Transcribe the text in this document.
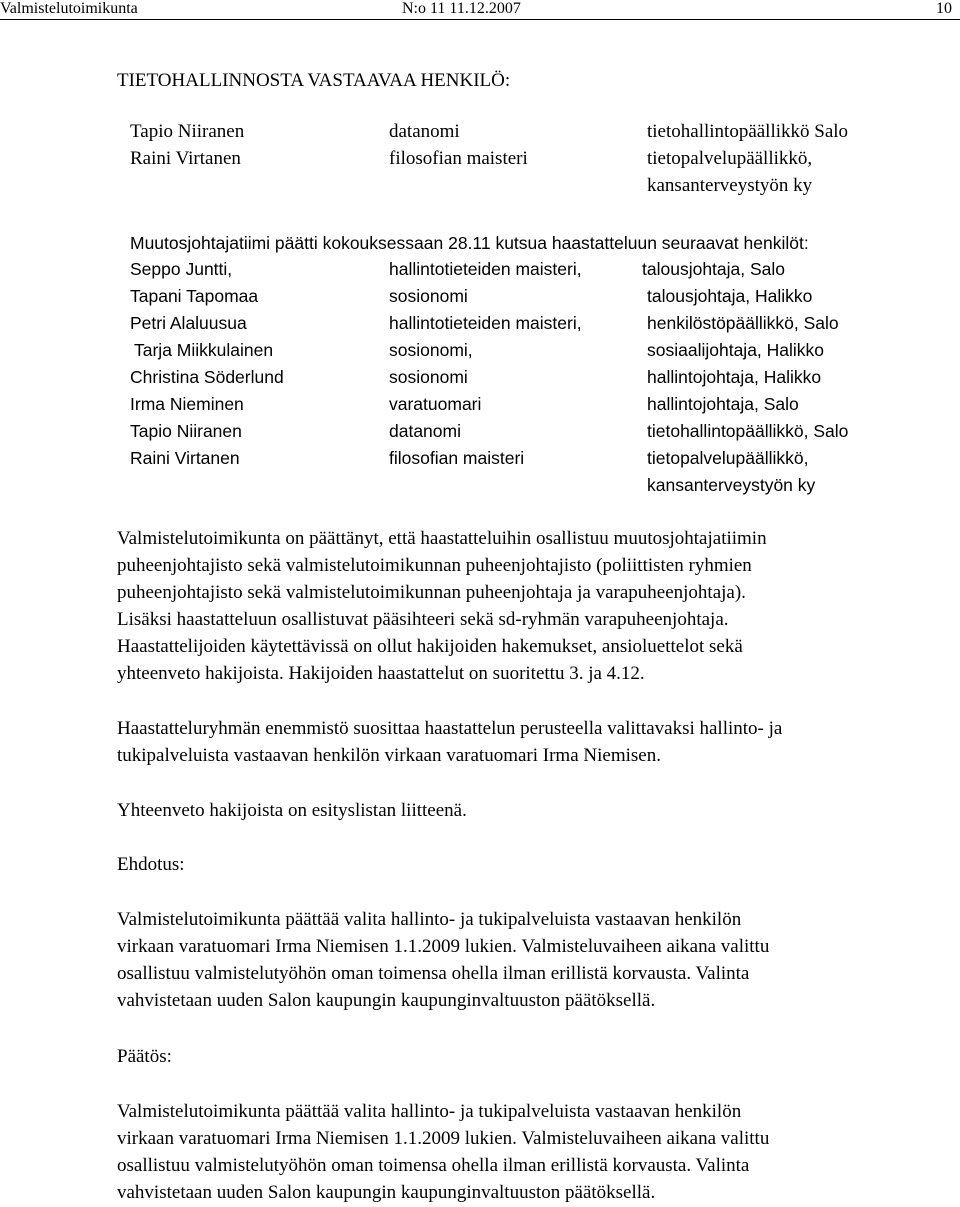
Valmistelutoimikunta	N:o 11 11.12.2007	10
TIETOHALLINNOSTA VASTAAVAA HENKILÖ:
Tapio Niiranen	datanomi	tietohallintopäällikkö Salo
Raini Virtanen	filosofian maisteri	tietopalvelupäällikkö,
kansanterveystyön ky
Muutosjohtajatiimi päätti kokouksessaan 28.11 kutsua haastatteluun seuraavat henkilöt:
Seppo Juntti,	hallintotieteiden maisteri,	talousjohtaja, Salo
Tapani Tapomaa	sosionomi	talousjohtaja, Halikko
Petri Alaluusua	hallintotieteiden maisteri,	henkilöstöpäällikkö, Salo
Tarja Miikkulainen	sosionomi,	sosiaalijohtaja, Halikko
Christina Söderlund	sosionomi	hallintojohtaja, Halikko
Irma Nieminen	varatuomari	hallintojohtaja, Salo
Tapio Niiranen	datanomi	tietohallintopäällikkö, Salo
Raini Virtanen	filosofian maisteri	tietopalvelupäällikkö,
kansanterveystyön ky
Valmistelutoimikunta on päättänyt, että haastatteluihin osallistuu muutosjohtajatiimin
puheenjohtajisto sekä valmistelutoimikunnan puheenjohtajisto (poliittisten ryhmien
puheenjohtajisto sekä valmistelutoimikunnan puheenjohtaja ja varapuheenjohtaja).
Lisäksi haastatteluun osallistuvat pääsihteeri sekä sd-ryhmän varapuheenjohtaja.
Haastattelijoiden käytettävissä on ollut hakijoiden hakemukset, ansioluettelot sekä
yhteenveto hakijoista. Hakijoiden haastattelut on suoritettu 3. ja 4.12.
Haastatteluryhmän enemmistö suosittaa haastattelun perusteella valittavaksi hallinto- ja
tukipalveluista vastaavan henkilön virkaan varatuomari Irma Niemisen.
Yhteenveto hakijoista on esityslistan liitteenä.
Ehdotus:
Valmistelutoimikunta päättää valita hallinto- ja tukipalveluista vastaavan henkilön
virkaan varatuomari Irma Niemisen 1.1.2009 lukien. Valmisteluvaiheen aikana valittu
osallistuu valmistelutyöhön oman toimensa ohella ilman erillistä korvausta. Valinta
vahvistetaan uuden Salon kaupungin kaupunginvaltuuston päätöksellä.
Päätös:
Valmistelutoimikunta päättää valita hallinto- ja tukipalveluista vastaavan henkilön
virkaan varatuomari Irma Niemisen 1.1.2009 lukien. Valmisteluvaiheen aikana valittu
osallistuu valmistelutyöhön oman toimensa ohella ilman erillistä korvausta. Valinta
vahvistetaan uuden Salon kaupungin kaupunginvaltuuston päätöksellä.
